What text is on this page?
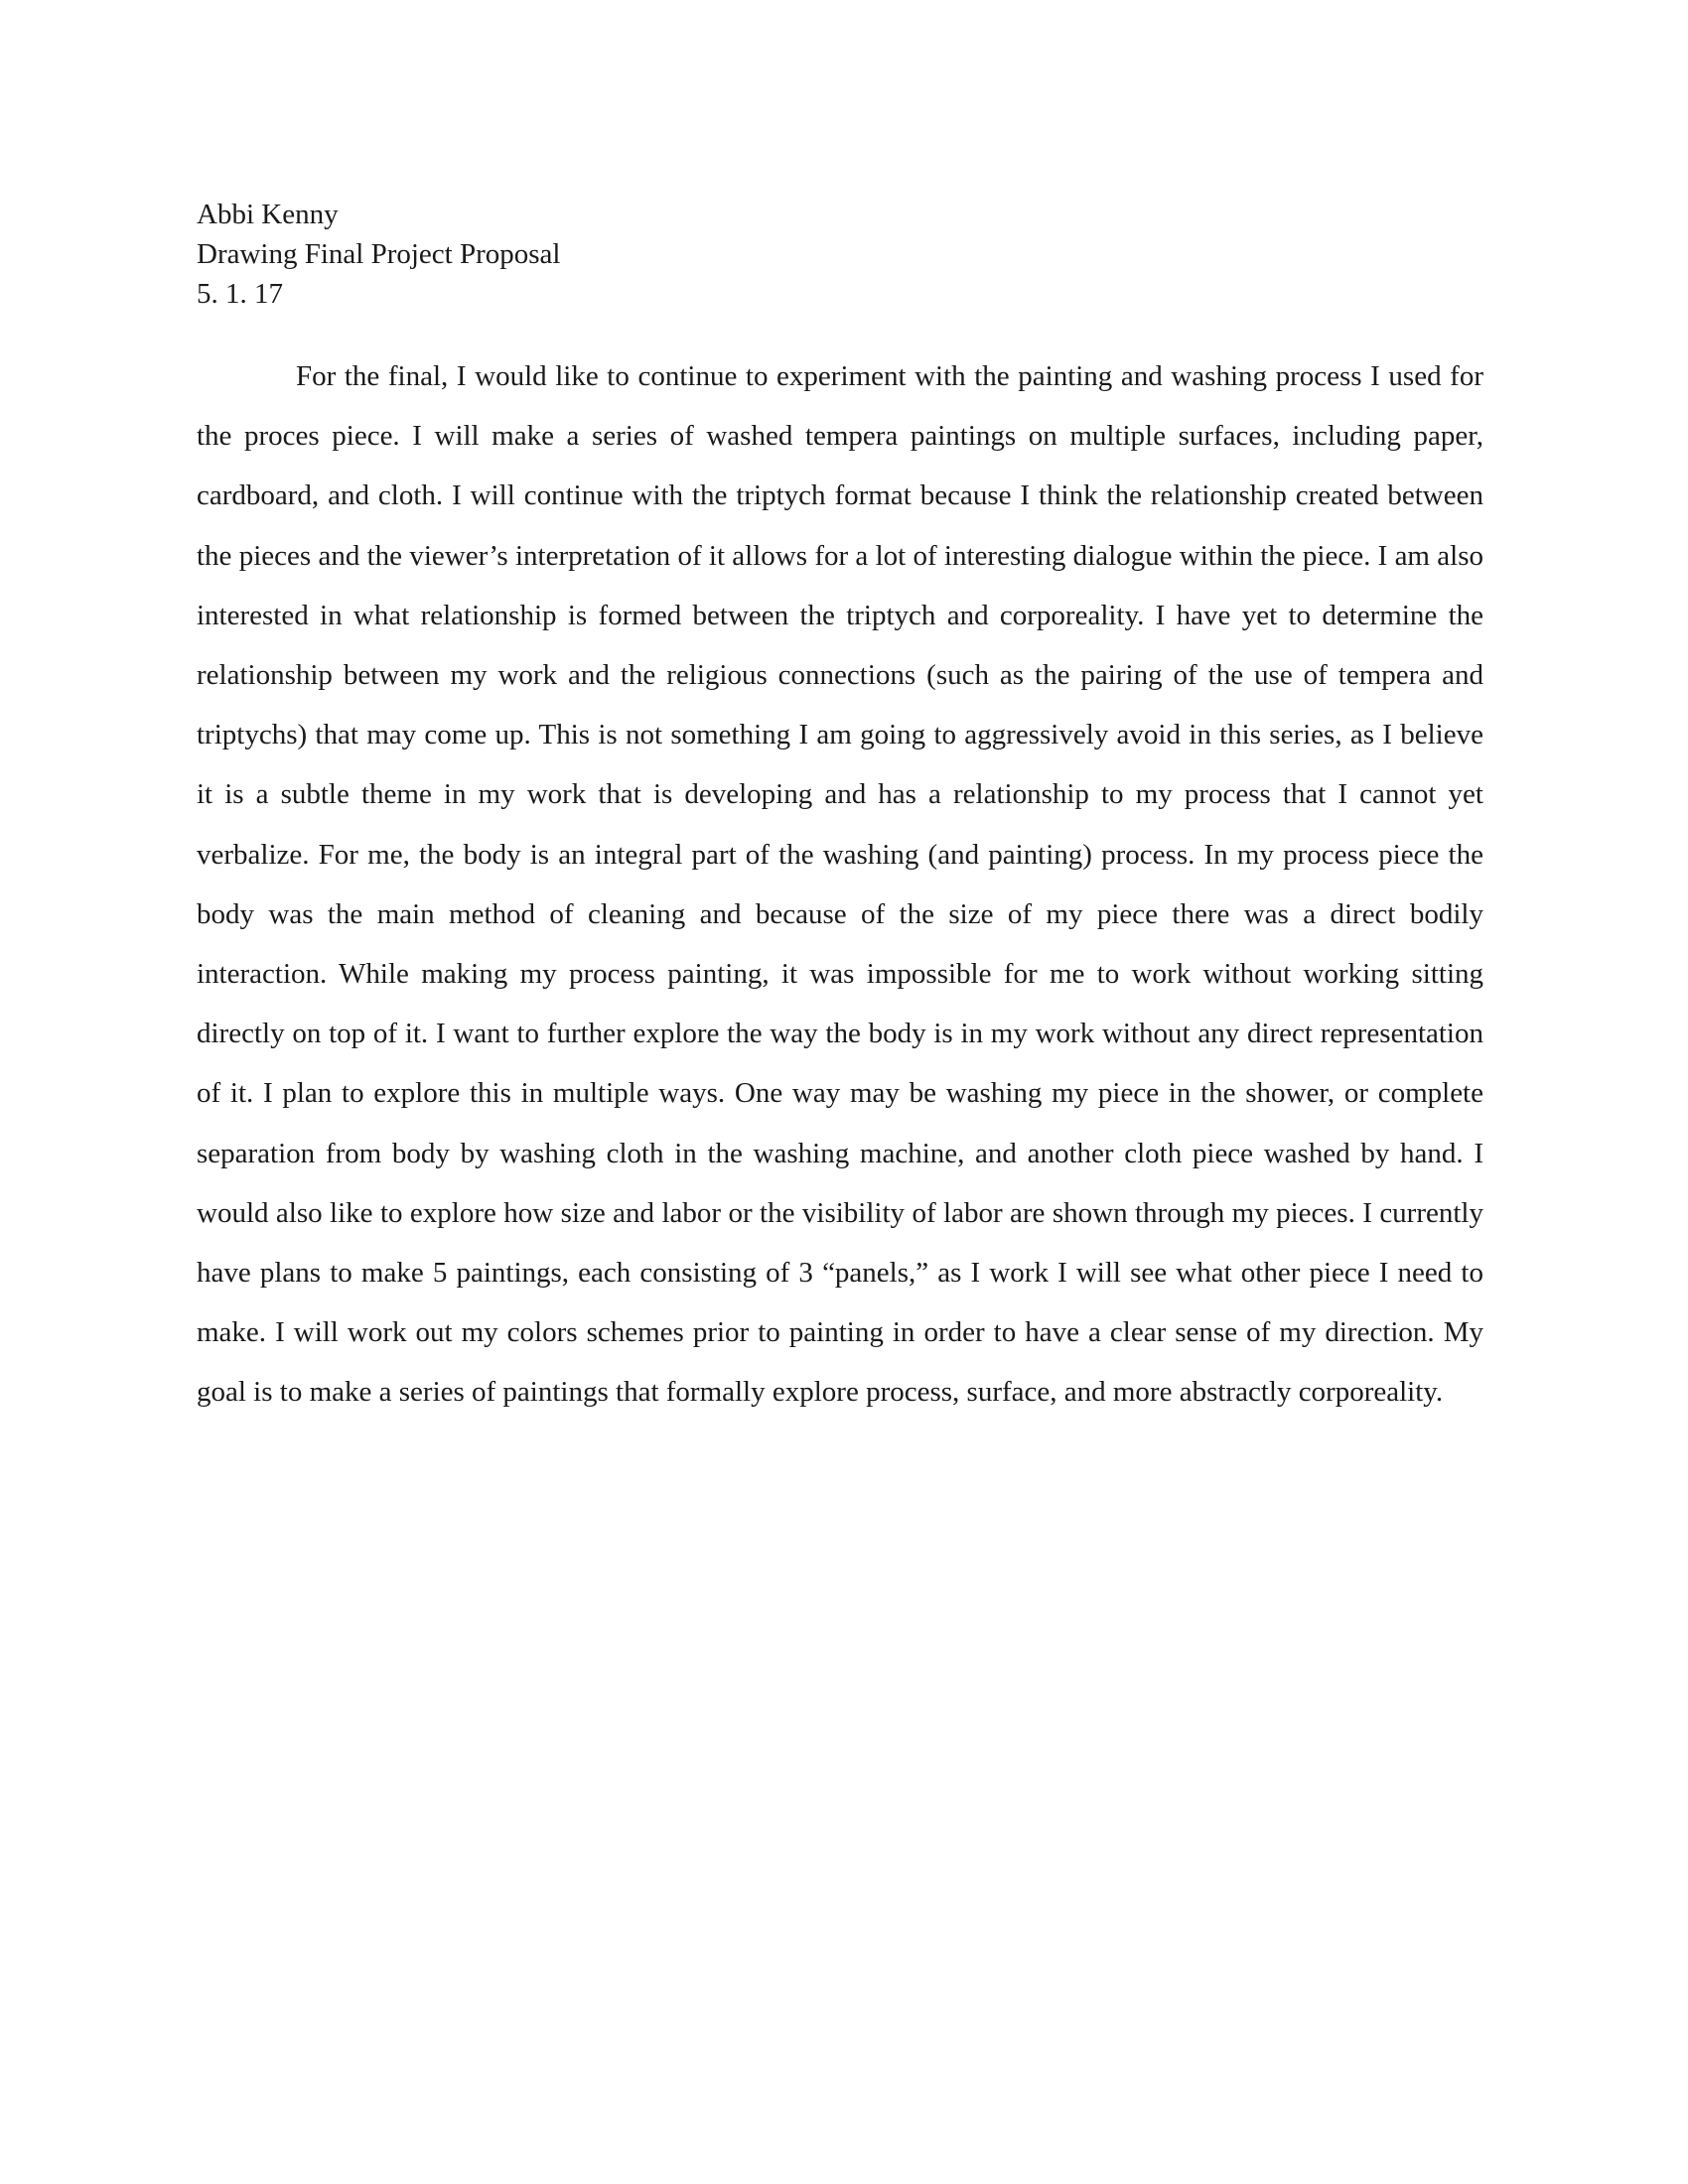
Abbi Kenny

Drawing Final Project Proposal

5. 1. 17

For the final, I would like to continue to experiment with the painting and washing process I used for the proces piece. I will make a series of washed tempera paintings on multiple surfaces, including paper, cardboard, and cloth. I will continue with the triptych format because I think the relationship created between the pieces and the viewer’s interpretation of it allows for a lot of interesting dialogue within the piece. I am also interested in what relationship is formed between the triptych and corporeality. I have yet to determine the relationship between my work and the religious connections (such as the pairing of the use of tempera and triptychs) that may come up. This is not something I am going to aggressively avoid in this series, as I believe it is a subtle theme in my work that is developing and has a relationship to my process that I cannot yet verbalize. For me, the body is an integral part of the washing (and painting) process. In my process piece the body was the main method of cleaning and because of the size of my piece there was a direct bodily interaction. While making my process painting, it was impossible for me to work without working sitting directly on top of it. I want to further explore the way the body is in my work without any direct representation of it. I plan to explore this in multiple ways. One way may be washing my piece in the shower, or complete separation from body by washing cloth in the washing machine, and another cloth piece washed by hand. I would also like to explore how size and labor or the visibility of labor are shown through my pieces. I currently have plans to make 5 paintings, each consisting of 3 “panels,” as I work I will see what other piece I need to make. I will work out my colors schemes prior to painting in order to have a clear sense of my direction. My goal is to make a series of paintings that formally explore process, surface, and more abstractly corporeality.
